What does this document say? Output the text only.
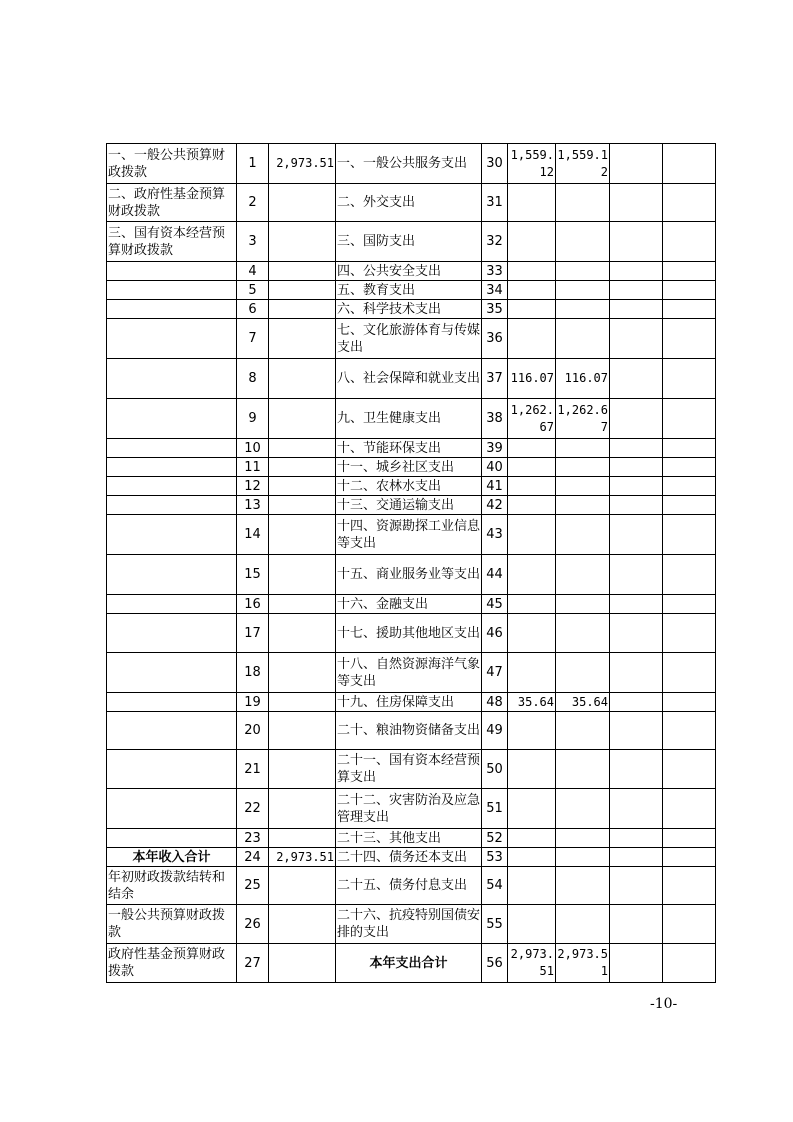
一、一般公共预算财政拨款	1	2,973.51	一、一般公共服务支出	30	1,559.12	1,559.12		
二、政府性基金预算财政拨款	2		二、外交支出	31				
三、国有资本经营预算财政拨款	3		三、国防支出	32				
	4		四、公共安全支出	33				
	5		五、教育支出	34				
	6		六、科学技术支出	35				
	7		七、文化旅游体育与传媒支出	36				
	8		八、社会保障和就业支出	37	116.07	116.07		
	9		九、卫生健康支出	38	1,262.67	1,262.67		
	10		十、节能环保支出	39				
	11		十一、城乡社区支出	40				
	12		十二、农林水支出	41				
	13		十三、交通运输支出	42				
	14		十四、资源勘探工业信息等支出	43				
	15		十五、商业服务业等支出	44				
	16		十六、金融支出	45				
	17		十七、援助其他地区支出	46				
	18		十八、自然资源海洋气象等支出	47				
	19		十九、住房保障支出	48	35.64	35.64		
	20		二十、粮油物资储备支出	49				
	21		二十一、国有资本经营预算支出	50				
	22		二十二、灾害防治及应急管理支出	51				
	23		二十三、其他支出	52				
本年收入合计	24	2,973.51	二十四、债务还本支出	53				
年初财政拨款结转和结余	25		二十五、债务付息支出	54				
一般公共预算财政拨款	26		二十六、抗疫特别国债安排的支出	55				
政府性基金预算财政拨款	27		本年支出合计	56	2,973.51	2,973.51		
-10-
